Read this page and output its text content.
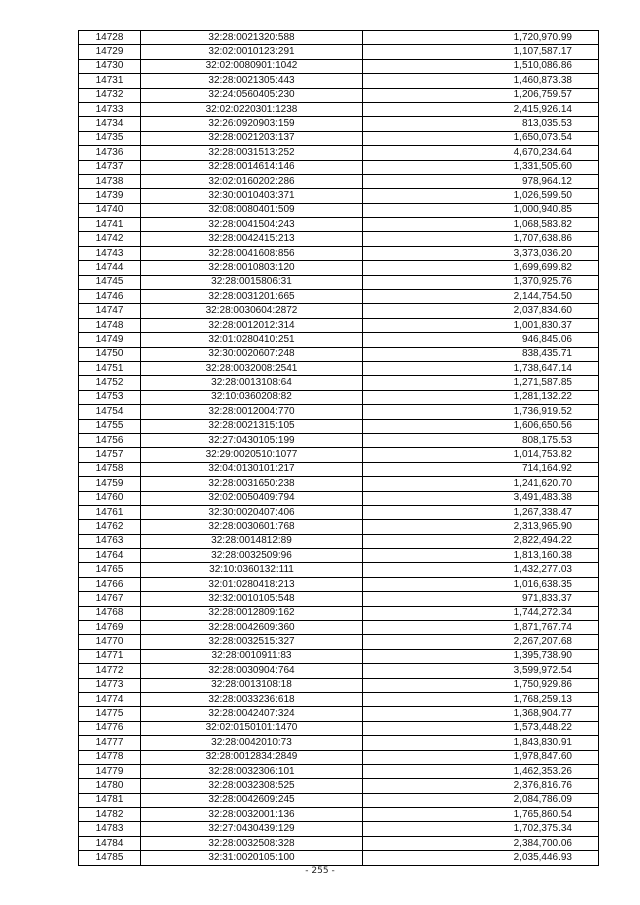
14728	32:28:0021320:588	1,720,970.99
14729	32:02:0010123:291	1,107,587.17
14730	32:02:0080901:1042	1,510,086.86
14731	32:28:0021305:443	1,460,873.38
14732	32:24:0560405:230	1,206,759.57
14733	32:02:0220301:1238	2,415,926.14
14734	32:26:0920903:159	813,035.53
14735	32:28:0021203:137	1,650,073.54
14736	32:28:0031513:252	4,670,234.64
14737	32:28:0014614:146	1,331,505.60
14738	32:02:0160202:286	978,964.12
14739	32:30:0010403:371	1,026,599.50
14740	32:08:0080401:509	1,000,940.85
14741	32:28:0041504:243	1,068,583.82
14742	32:28:0042415:213	1,707,638.86
14743	32:28:0041608:856	3,373,036.20
14744	32:28:0010803:120	1,699,699.82
14745	32:28:0015806:31	1,370,925.76
14746	32:28:0031201:665	2,144,754.50
14747	32:28:0030604:2872	2,037,834.60
14748	32:28:0012012:314	1,001,830.37
14749	32:01:0280410:251	946,845.06
14750	32:30:0020607:248	838,435.71
14751	32:28:0032008:2541	1,738,647.14
14752	32:28:0013108:64	1,271,587.85
14753	32:10:0360208:82	1,281,132.22
14754	32:28:0012004:770	1,736,919.52
14755	32:28:0021315:105	1,606,650.56
14756	32:27:0430105:199	808,175.53
14757	32:29:0020510:1077	1,014,753.82
14758	32:04:0130101:217	714,164.92
14759	32:28:0031650:238	1,241,620.70
14760	32:02:0050409:794	3,491,483.38
14761	32:30:0020407:406	1,267,338.47
14762	32:28:0030601:768	2,313,965.90
14763	32:28:0014812:89	2,822,494.22
14764	32:28:0032509:96	1,813,160.38
14765	32:10:0360132:111	1,432,277.03
14766	32:01:0280418:213	1,016,638.35
14767	32:32:0010105:548	971,833.37
14768	32:28:0012809:162	1,744,272.34
14769	32:28:0042609:360	1,871,767.74
14770	32:28:0032515:327	2,267,207.68
14771	32:28:0010911:83	1,395,738.90
14772	32:28:0030904:764	3,599,972.54
14773	32:28:0013108:18	1,750,929.86
14774	32:28:0033236:618	1,768,259.13
14775	32:28:0042407:324	1,368,904.77
14776	32:02:0150101:1470	1,573,448.22
14777	32:28:0042010:73	1,843,830.91
14778	32:28:0012834:2849	1,978,847.60
14779	32:28:0032306:101	1,462,353.26
14780	32:28:0032308:525	2,376,816.76
14781	32:28:0042609:245	2,084,786.09
14782	32:28:0032001:136	1,765,860.54
14783	32:27:0430439:129	1,702,375.34
14784	32:28:0032508:328	2,384,700.06
14785	32:31:0020105:100	2,035,446.93
- 255 -
